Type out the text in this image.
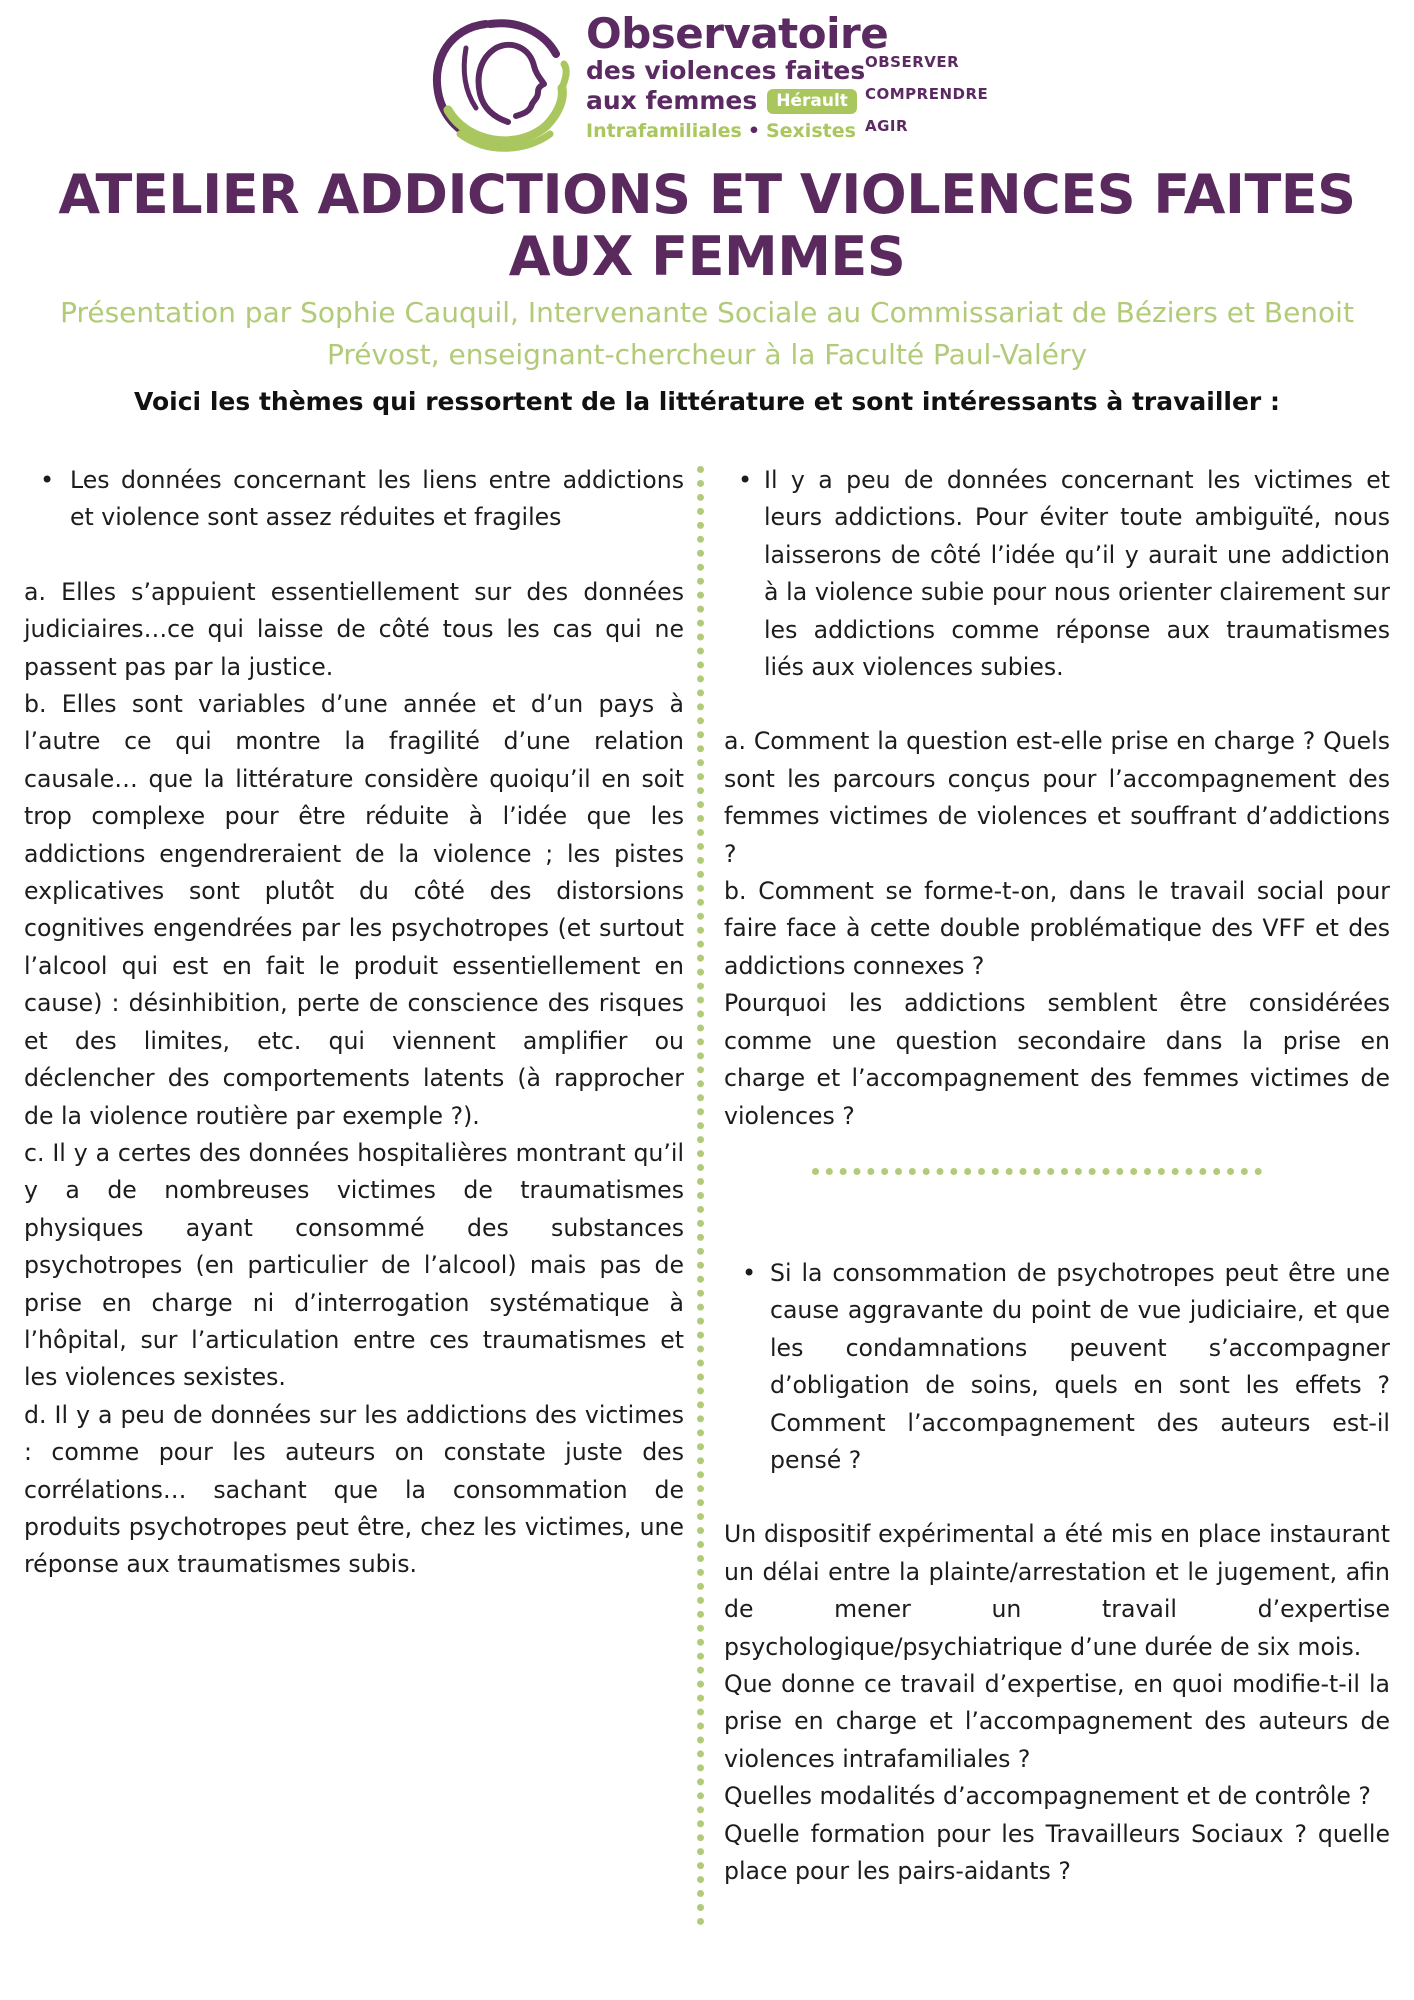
Observatoire
des violences faites
aux femmes	Hérault
Intrafamiliales • Sexistes
OBSERVER
COMPRENDRE
AGIR
ATELIER ADDICTIONS ET VIOLENCES FAITES AUX FEMMES
Présentation par Sophie Cauquil, Intervenante Sociale au Commissariat de Béziers et Benoit Prévost, enseignant-chercheur à la Faculté Paul-Valéry
Voici les thèmes qui ressortent de la littérature et sont intéressants à travailler :
• Les données concernant les liens entre addictions et violence sont assez réduites et fragiles

a. Elles s’appuient essentiellement sur des données judiciaires…ce qui laisse de côté tous les cas qui ne passent pas par la justice.

b. Elles sont variables d’une année et d’un pays à l’autre ce qui montre la fragilité d’une relation causale… que la littérature considère quoiqu’il en soit trop complexe pour être réduite à l’idée que les addictions engendreraient de la violence ; les pistes explicatives sont plutôt du côté des distorsions cognitives engendrées par les psychotropes (et surtout l’alcool qui est en fait le produit essentiellement en cause) : désinhibition, perte de conscience des risques et des limites, etc. qui viennent amplifier ou déclencher des comportements latents (à rapprocher de la violence routière par exemple ?).

c. Il y a certes des données hospitalières montrant qu’il y a de nombreuses victimes de traumatismes physiques ayant consommé des substances psychotropes (en particulier de l’alcool) mais pas de prise en charge ni d’interrogation systématique à l’hôpital, sur l’articulation entre ces traumatismes et les violences sexistes.

d. Il y a peu de données sur les addictions des victimes : comme pour les auteurs on constate juste des corrélations… sachant que la consommation de produits psychotropes peut être, chez les victimes, une réponse aux traumatismes subis.

• Il y a peu de données concernant les victimes et leurs addictions. Pour éviter toute ambiguïté, nous laisserons de côté l’idée qu’il y aurait une addiction à la violence subie pour nous orienter clairement sur les addictions comme réponse aux traumatismes liés aux violences subies.

a. Comment la question est-elle prise en charge ? Quels sont les parcours conçus pour l’accompagnement des femmes victimes de violences et souffrant d’addictions ?

b. Comment se forme-t-on, dans le travail social pour faire face à cette double problématique des VFF et des addictions connexes ?

Pourquoi les addictions semblent être considérées comme une question secondaire dans la prise en charge et l’accompagnement des femmes victimes de violences ?

• Si la consommation de psychotropes peut être une cause aggravante du point de vue judiciaire, et que les condamnations peuvent s’accompagner d’obligation de soins, quels en sont les effets ? Comment l’accompagnement des auteurs est-il pensé ?

Un dispositif expérimental a été mis en place instaurant un délai entre la plainte/arrestation et le jugement, afin de mener un travail d’expertise psychologique/psychiatrique d’une durée de six mois.

Que donne ce travail d’expertise, en quoi modifie-t-il la prise en charge et l’accompagnement des auteurs de violences intrafamiliales ?

Quelles modalités d’accompagnement et de contrôle ?

Quelle formation pour les Travailleurs Sociaux ? quelle place pour les pairs-aidants ?
